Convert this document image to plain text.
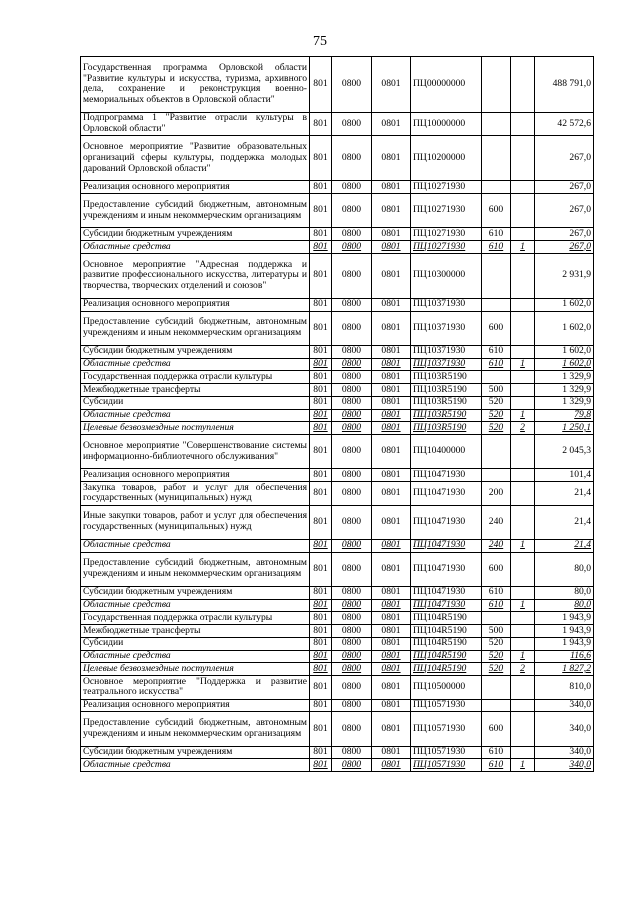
75
Государственная программа Орловской области "Развитие культуры и искусства, туризма, архивного дела, сохранение и реконструкция военно-мемориальных объектов в Орловской области"	801	0800	0801	ПЦ00000000			488 791,0
Подпрограмма 1 "Развитие отрасли культуры в Орловской области"	801	0800	0801	ПЦ10000000			42 572,6
Основное мероприятие "Развитие образовательных организаций сферы культуры, поддержка молодых дарований Орловской области"	801	0800	0801	ПЦ10200000			267,0
Реализация основного мероприятия	801	0800	0801	ПЦ10271930			267,0
Предоставление субсидий бюджетным, автономным учреждениям и иным некоммерческим организациям	801	0800	0801	ПЦ10271930	600		267,0
Субсидии бюджетным учреждениям	801	0800	0801	ПЦ10271930	610		267,0
Областные средства	801	0800	0801	ПЦ10271930	610	1	267,0
Основное мероприятие "Адресная поддержка и развитие профессионального искусства, литературы и творчества, творческих отделений и союзов"	801	0800	0801	ПЦ10300000			2 931,9
Реализация основного мероприятия	801	0800	0801	ПЦ10371930			1 602,0
Предоставление субсидий бюджетным, автономным учреждениям и иным некоммерческим организациям	801	0800	0801	ПЦ10371930	600		1 602,0
Субсидии бюджетным учреждениям	801	0800	0801	ПЦ10371930	610		1 602,0
Областные средства	801	0800	0801	ПЦ10371930	610	1	1 602,0
Государственная поддержка отрасли культуры	801	0800	0801	ПЦ103R5190			1 329,9
Межбюджетные трансферты	801	0800	0801	ПЦ103R5190	500		1 329,9
Субсидии	801	0800	0801	ПЦ103R5190	520		1 329,9
Областные средства	801	0800	0801	ПЦ103R5190	520	1	79,8
Целевые безвозмездные поступления	801	0800	0801	ПЦ103R5190	520	2	1 250,1
Основное мероприятие "Совершенствование системы информационно-библиотечного обслуживания"	801	0800	0801	ПЦ10400000			2 045,3
Реализация основного мероприятия	801	0800	0801	ПЦ10471930			101,4
Закупка товаров, работ и услуг для обеспечения государственных (муниципальных) нужд	801	0800	0801	ПЦ10471930	200		21,4
Иные закупки товаров, работ и услуг для обеспечения государственных (муниципальных) нужд	801	0800	0801	ПЦ10471930	240		21,4
Областные средства	801	0800	0801	ПЦ10471930	240	1	21,4
Предоставление субсидий бюджетным, автономным учреждениям и иным некоммерческим организациям	801	0800	0801	ПЦ10471930	600		80,0
Субсидии бюджетным учреждениям	801	0800	0801	ПЦ10471930	610		80,0
Областные средства	801	0800	0801	ПЦ10471930	610	1	80,0
Государственная поддержка отрасли культуры	801	0800	0801	ПЦ104R5190			1 943,9
Межбюджетные трансферты	801	0800	0801	ПЦ104R5190	500		1 943,9
Субсидии	801	0800	0801	ПЦ104R5190	520		1 943,9
Областные средства	801	0800	0801	ПЦ104R5190	520	1	116,6
Целевые безвозмездные поступления	801	0800	0801	ПЦ104R5190	520	2	1 827,2
Основное мероприятие "Поддержка и развитие театрального искусства"	801	0800	0801	ПЦ10500000			810,0
Реализация основного мероприятия	801	0800	0801	ПЦ10571930			340,0
Предоставление субсидий бюджетным, автономным учреждениям и иным некоммерческим организациям	801	0800	0801	ПЦ10571930	600		340,0
Субсидии бюджетным учреждениям	801	0800	0801	ПЦ10571930	610		340,0
Областные средства	801	0800	0801	ПЦ10571930	610	1	340,0
